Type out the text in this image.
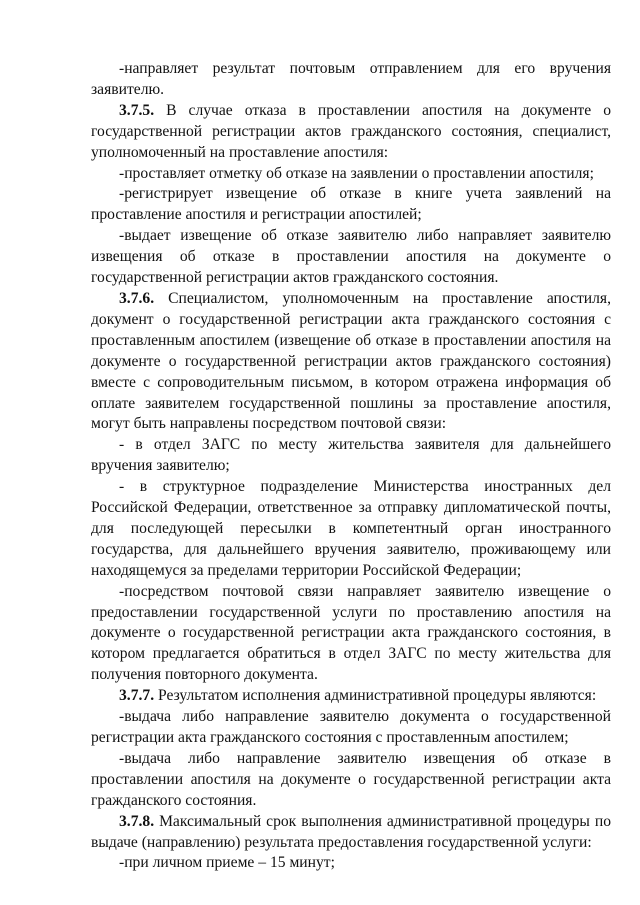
-направляет результат почтовым отправлением для его вручения заявителю.

3.7.5. В случае отказа в проставлении апостиля на документе о государственной регистрации актов гражданского состояния, специалист, уполномоченный на проставление апостиля:

-проставляет отметку об отказе на заявлении о проставлении апостиля;

-регистрирует извещение об отказе в книге учета заявлений на проставление апостиля и регистрации апостилей;

-выдает извещение об отказе заявителю либо направляет заявителю извещения об отказе в проставлении апостиля на документе о государственной регистрации актов гражданского состояния.

3.7.6. Специалистом, уполномоченным на проставление апостиля, документ о государственной регистрации акта гражданского состояния с проставленным апостилем (извещение об отказе в проставлении апостиля на документе о государственной регистрации актов гражданского состояния) вместе с сопроводительным письмом, в котором отражена информация об оплате заявителем государственной пошлины за проставление апостиля, могут быть направлены посредством почтовой связи:

- в отдел ЗАГС по месту жительства заявителя для дальнейшего вручения заявителю;

- в структурное подразделение Министерства иностранных дел Российской Федерации, ответственное за отправку дипломатической почты, для последующей пересылки в компетентный орган иностранного государства, для дальнейшего вручения заявителю, проживающему или находящемуся за пределами территории Российской Федерации;

-посредством почтовой связи направляет заявителю извещение о предоставлении государственной услуги по проставлению апостиля на документе о государственной регистрации акта гражданского состояния, в котором предлагается обратиться в отдел ЗАГС по месту жительства для получения повторного документа.

3.7.7. Результатом исполнения административной процедуры являются:

-выдача либо направление заявителю документа о государственной регистрации акта гражданского состояния с проставленным апостилем;

-выдача либо направление заявителю извещения об отказе в проставлении апостиля на документе о государственной регистрации акта гражданского состояния.

3.7.8. Максимальный срок выполнения административной процедуры по выдаче (направлению) результата предоставления государственной услуги:

-при личном приеме – 15 минут;
